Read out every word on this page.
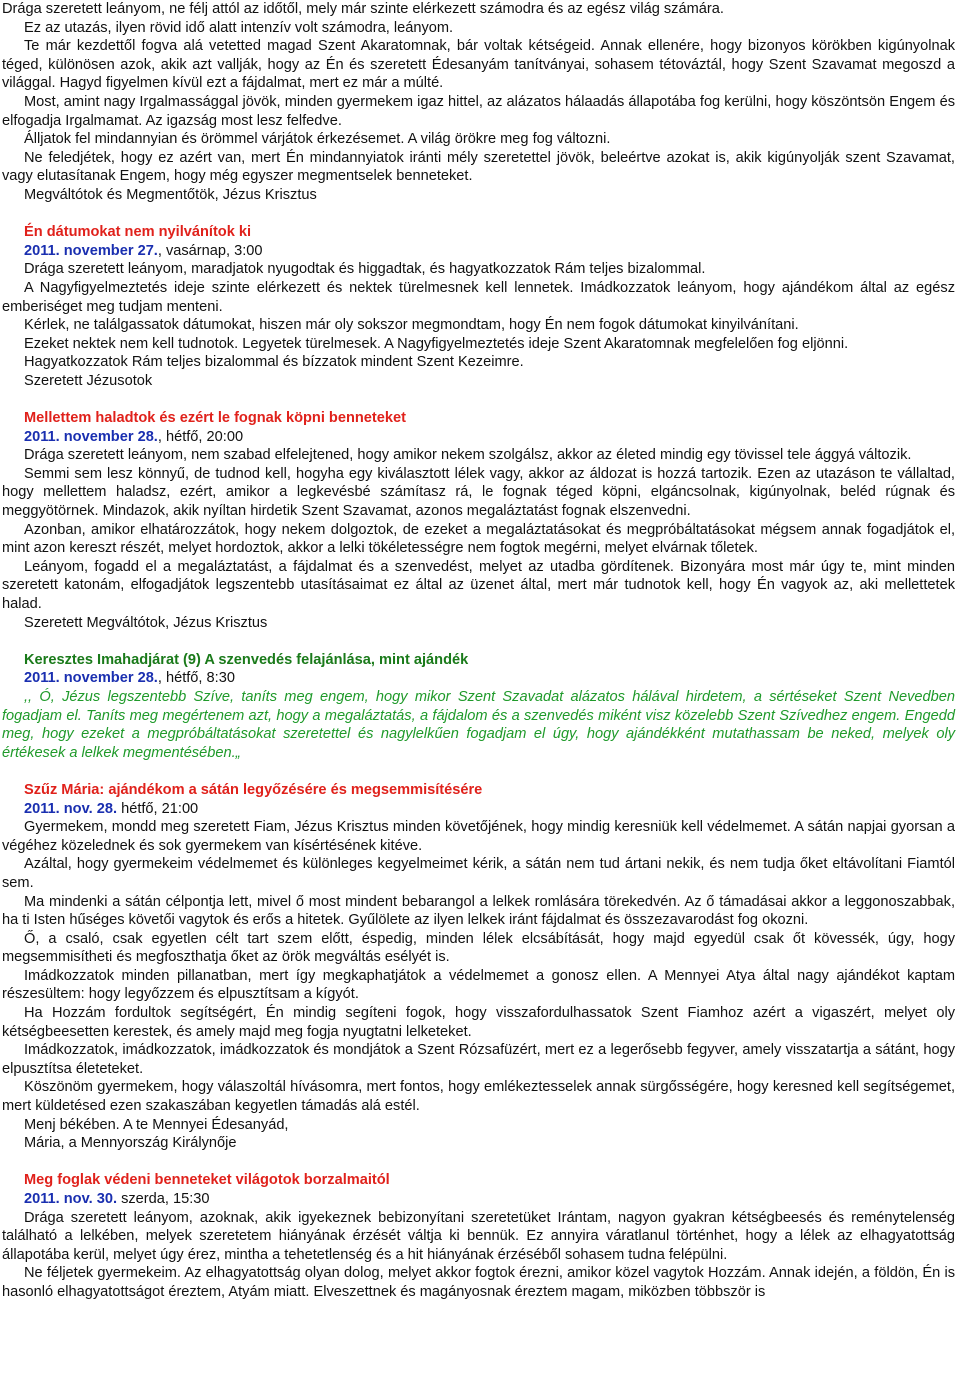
Drága szeretett leányom, ne félj attól az időtől, mely már szinte elérkezett számodra és az egész világ számára.

Ez az utazás, ilyen rövid idő alatt intenzív volt számodra, leányom.

Te már kezdettől fogva alá vetetted magad Szent Akaratomnak, bár voltak kétségeid. Annak ellenére, hogy bizonyos körökben kigúnyolnak téged, különösen azok, akik azt vallják, hogy az Én és szeretett Édesanyám tanítványai, sohasem tétováztál, hogy Szent Szavamat megoszd a világgal. Hagyd figyelmen kívül ezt a fájdalmat, mert ez már a múlté.

Most, amint nagy Irgalmassággal jövök, minden gyermekem igaz hittel, az alázatos hálaadás állapotába fog kerülni, hogy köszöntsön Engem és elfogadja Irgalmamat. Az igazság most lesz felfedve.

Álljatok fel mindannyian és örömmel várjátok érkezésemet. A világ örökre meg fog változni.

Ne feledjétek, hogy ez azért van, mert Én mindannyiatok iránti mély szeretettel jövök, beleértve azokat is, akik kigúnyolják szent Szavamat, vagy elutasítanak Engem, hogy még egyszer megmentselek benneteket.

Megváltótok és Megmentőtök, Jézus Krisztus

Én dátumokat nem nyilvánítok ki

2011. november 27., vasárnap, 3:00

Drága szeretett leányom, maradjatok nyugodtak és higgadtak, és hagyatkozzatok Rám teljes bizalommal.

A Nagyfigyelmeztetés ideje szinte elérkezett és nektek türelmesnek kell lennetek. Imádkozzatok leányom, hogy ajándékom által az egész emberiséget meg tudjam menteni.

Kérlek, ne találgassatok dátumokat, hiszen már oly sokszor megmondtam, hogy Én nem fogok dátumokat kinyilvánítani.

Ezeket nektek nem kell tudnotok. Legyetek türelmesek. A Nagyfigyelmeztetés ideje Szent Akaratomnak megfelelően fog eljönni.

Hagyatkozzatok Rám teljes bizalommal és bízzatok mindent Szent Kezeimre.

Szeretett Jézusotok

Mellettem haladtok és ezért le fognak köpni benneteket

2011. november 28., hétfő, 20:00

Drága szeretett leányom, nem szabad elfelejtened, hogy amikor nekem szolgálsz, akkor az életed mindig egy tövissel tele ággyá változik.

Semmi sem lesz könnyű, de tudnod kell, hogyha egy kiválasztott lélek vagy, akkor az áldozat is hozzá tartozik. Ezen az utazáson te vállaltad, hogy mellettem haladsz, ezért, amikor a legkevésbé számítasz rá, le fognak téged köpni, elgáncsolnak, kigúnyolnak, beléd rúgnak és meggyötörnek. Mindazok, akik nyíltan hirdetik Szent Szavamat, azonos megaláztatást fognak elszenvedni.

Azonban, amikor elhatározzátok, hogy nekem dolgoztok, de ezeket a megaláztatásokat és megpróbáltatásokat mégsem annak fogadjátok el, mint azon kereszt részét, melyet hordoztok, akkor a lelki tökéletességre nem fogtok megérni, melyet elvárnak tőletek.

Leányom, fogadd el a megaláztatást, a fájdalmat és a szenvedést, melyet az utadba gördítenek. Bizonyára most már úgy te, mint minden szeretett katonám, elfogadjátok legszentebb utasításaimat ez által az üzenet által, mert már tudnotok kell, hogy Én vagyok az, aki mellettetek halad.

Szeretett Megváltótok, Jézus Krisztus

Keresztes Imahadjárat (9) A szenvedés felajánlása, mint ajándék

2011. november 28., hétfő, 8:30

,, Ó, Jézus legszentebb Szíve, taníts meg engem, hogy mikor Szent Szavadat alázatos hálával hirdetem, a sértéseket Szent Nevedben fogadjam el. Taníts meg megértenem azt, hogy a megaláztatás, a fájdalom és a szenvedés miként visz közelebb Szent Szívedhez engem. Engedd meg, hogy ezeket a megpróbáltatásokat szeretettel és nagylelkűen fogadjam el úgy, hogy ajándékként mutathassam be neked, melyek oly értékesek a lelkek megmentésében.„

Szűz Mária: ajándékom a sátán legyőzésére és megsemmisítésére

2011. nov. 28. hétfő, 21:00

Gyermekem, mondd meg szeretett Fiam, Jézus Krisztus minden követőjének, hogy mindig keresniük kell védelmemet. A sátán napjai gyorsan a végéhez közelednek és sok gyermekem van kísértésének kitéve.

Azáltal, hogy gyermekeim védelmemet és különleges kegyelmeimet kérik, a sátán nem tud ártani nekik, és nem tudja őket eltávolítani Fiamtól sem.

Ma mindenki a sátán célpontja lett, mivel ő most mindent bebarangol a lelkek romlására törekedvén. Az ő támadásai akkor a leggonoszabbak, ha ti Isten hűséges követői vagytok és erős a hitetek. Gyűlölete az ilyen lelkek iránt fájdalmat és összezavarodást fog okozni.

Ő, a csaló, csak egyetlen célt tart szem előtt, éspedig, minden lélek elcsábítását, hogy majd egyedül csak őt kövessék, úgy, hogy megsemmisítheti és megfoszthatja őket az örök megváltás esélyét is.

Imádkozzatok minden pillanatban, mert így megkaphatjátok a védelmemet a gonosz ellen. A Mennyei Atya által nagy ajándékot kaptam részesültem: hogy legyőzzem és elpusztítsam a kígyót.

Ha Hozzám fordultok segítségért, Én mindig segíteni fogok, hogy visszafordulhassatok Szent Fiamhoz azért a vigaszért, melyet oly kétségbeesetten kerestek, és amely majd meg fogja nyugtatni lelketeket.

Imádkozzatok, imádkozzatok, imádkozzatok és mondjátok a Szent Rózsafüzért, mert ez a legerősebb fegyver, amely visszatartja a sátánt, hogy elpusztítsa életeteket.

Köszönöm gyermekem, hogy válaszoltál hívásomra, mert fontos, hogy emlékeztesselek annak sürgősségére, hogy keresned kell segítségemet, mert küldetésed ezen szakaszában kegyetlen támadás alá estél.

Menj békében. A te Mennyei Édesanyád,

Mária, a Mennyország Királynője

Meg foglak védeni benneteket világotok borzalmaitól

2011. nov. 30. szerda, 15:30

Drága szeretett leányom, azoknak, akik igyekeznek bebizonyítani szeretetüket Irántam, nagyon gyakran kétségbeesés és reménytelenség található a lelkében, melyek szeretetem hiányának érzését váltja ki bennük. Ez annyira váratlanul történhet, hogy a lélek az elhagyatottság állapotába kerül, melyet úgy érez, mintha a tehetetlenség és a hit hiányának érzéséből sohasem tudna felépülni.

Ne féljetek gyermekeim. Az elhagyatottság olyan dolog, melyet akkor fogtok érezni, amikor közel vagytok Hozzám. Annak idején, a földön, Én is hasonló elhagyatottságot éreztem, Atyám miatt. Elveszettnek és magányosnak éreztem magam, miközben többször is
